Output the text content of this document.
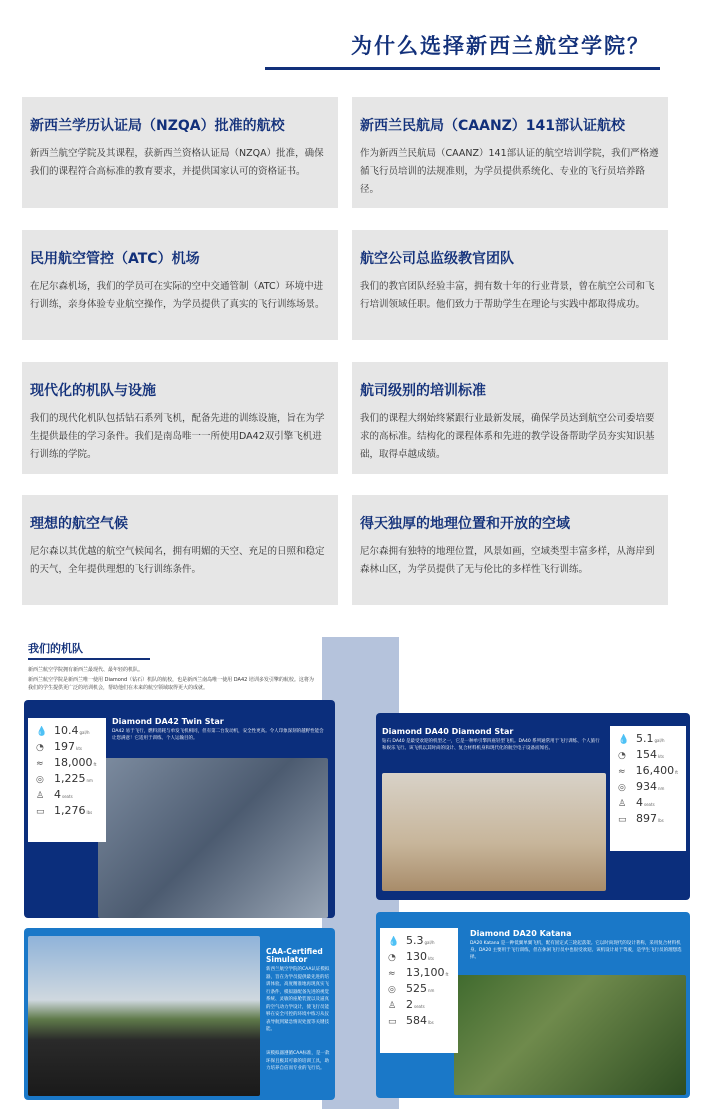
为什么选择新西兰航空学院？
新西兰学历认证局（NZQA）批准的航校

新西兰航空学院及其课程，获新西兰资格认证局（NZQA）批准，确保我们的课程符合高标准的教育要求，并提供国家认可的资格证书。

新西兰民航局（CAANZ）141部认证航校

作为新西兰民航局（CAANZ）141部认证的航空培训学院，我们严格遵循飞行员培训的法规准则，为学员提供系统化、专业的飞行员培养路径。

民用航空管控（ATC）机场

在尼尔森机场，我们的学员可在实际的空中交通管制（ATC）环境中进行训练，亲身体验专业航空操作，为学员提供了真实的飞行训练场景。

航空公司总监级教官团队

我们的教官团队经验丰富，拥有数十年的行业背景，曾在航空公司和飞行培训领域任职。他们致力于帮助学生在理论与实践中都取得成功。

现代化的机队与设施

我们的现代化机队包括钻石系列飞机，配备先进的训练设施，旨在为学生提供最佳的学习条件。我们是南岛唯一一所使用DA42双引擎飞机进行训练的学院。

航司级别的培训标准

我们的课程大纲始终紧跟行业最新发展，确保学员达到航空公司委培要求的高标准。结构化的课程体系和先进的教学设备帮助学员夯实知识基础，取得卓越成绩。

理想的航空气候

尼尔森以其优越的航空气候闻名，拥有明媚的天空、充足的日照和稳定的天气，全年提供理想的飞行训练条件。

得天独厚的地理位置和开放的空域

尼尔森拥有独特的地理位置，风景如画，空域类型丰富多样，从海岸到森林山区，为学员提供了无与伦比的多样性飞行训练。

我们的机队
新西兰航空学院拥有新西兰最现代、最年轻的机队。
新西兰航空学院是新西兰唯一使用 Diamond（钻石）机队的航校，也是新西兰南岛唯一使用 DA42 培训多发引擎的航校。这将为我们的学生提供更广泛的培训机会，帮助他们在未来的航空领域取得更大的成就。
Diamond DA42 Twin Star
DA42 易于飞行，燃料消耗与单发飞机相同，但有第二台发动机，安全性更高。令人印象深刻的越野性能会让您满意！它适用于训练、个人运输目的。
💧 10.4 gal/h
◔ 197 kts
≈ 18,000 ft
◎ 1,225 nm
♙ 4 seats
▭ 1,276 lbs
Diamond DA40 Diamond Star
钻石 DA40 是最受欢迎的机型之一，它是一种单引擎四座轻型飞机。DA40 系列通常用于飞行训练、个人旅行和娱乐飞行。该飞机以其时尚的设计、复合材料机身和现代化的航空电子设备而闻名。
💧 5.1 gal/h
◔ 154 kts
≈ 16,400 ft
◎ 934 nm
♙ 4 seats
▭ 897 lbs
CAA-Certified Simulator
新西兰航空学院的CAA认证模拟器，旨在为学员提供最先进的培训体验。高度精准地再现真实飞行条件，模拟器配备先进的视觉系统、灵敏的座舱装置以及逼真的空气动力学设计，使飞行员能够在安全可控的环境中练习从仪表导航到紧急情况处置等关键技能。
该模拟器遵循CAA标准，是一款环保且极其可靠的培训工具，助力培养自信而专业的飞行员。
Diamond DA20 Katana
DA20 Katana 是一种低翼单翼飞机，配有固定式三轮起落架。它以时尚现代的设计著称，采用复合材料机身。DA20 主要用于飞行训练，但在休闲飞行员中也很受欢迎。该机设计易于驾驶，是学生飞行员的理想选择。
💧 5.3 gal/h
◔ 130 kts
≈ 13,100 ft
◎ 525 nm
♙ 2 seats
▭ 584 lbs
